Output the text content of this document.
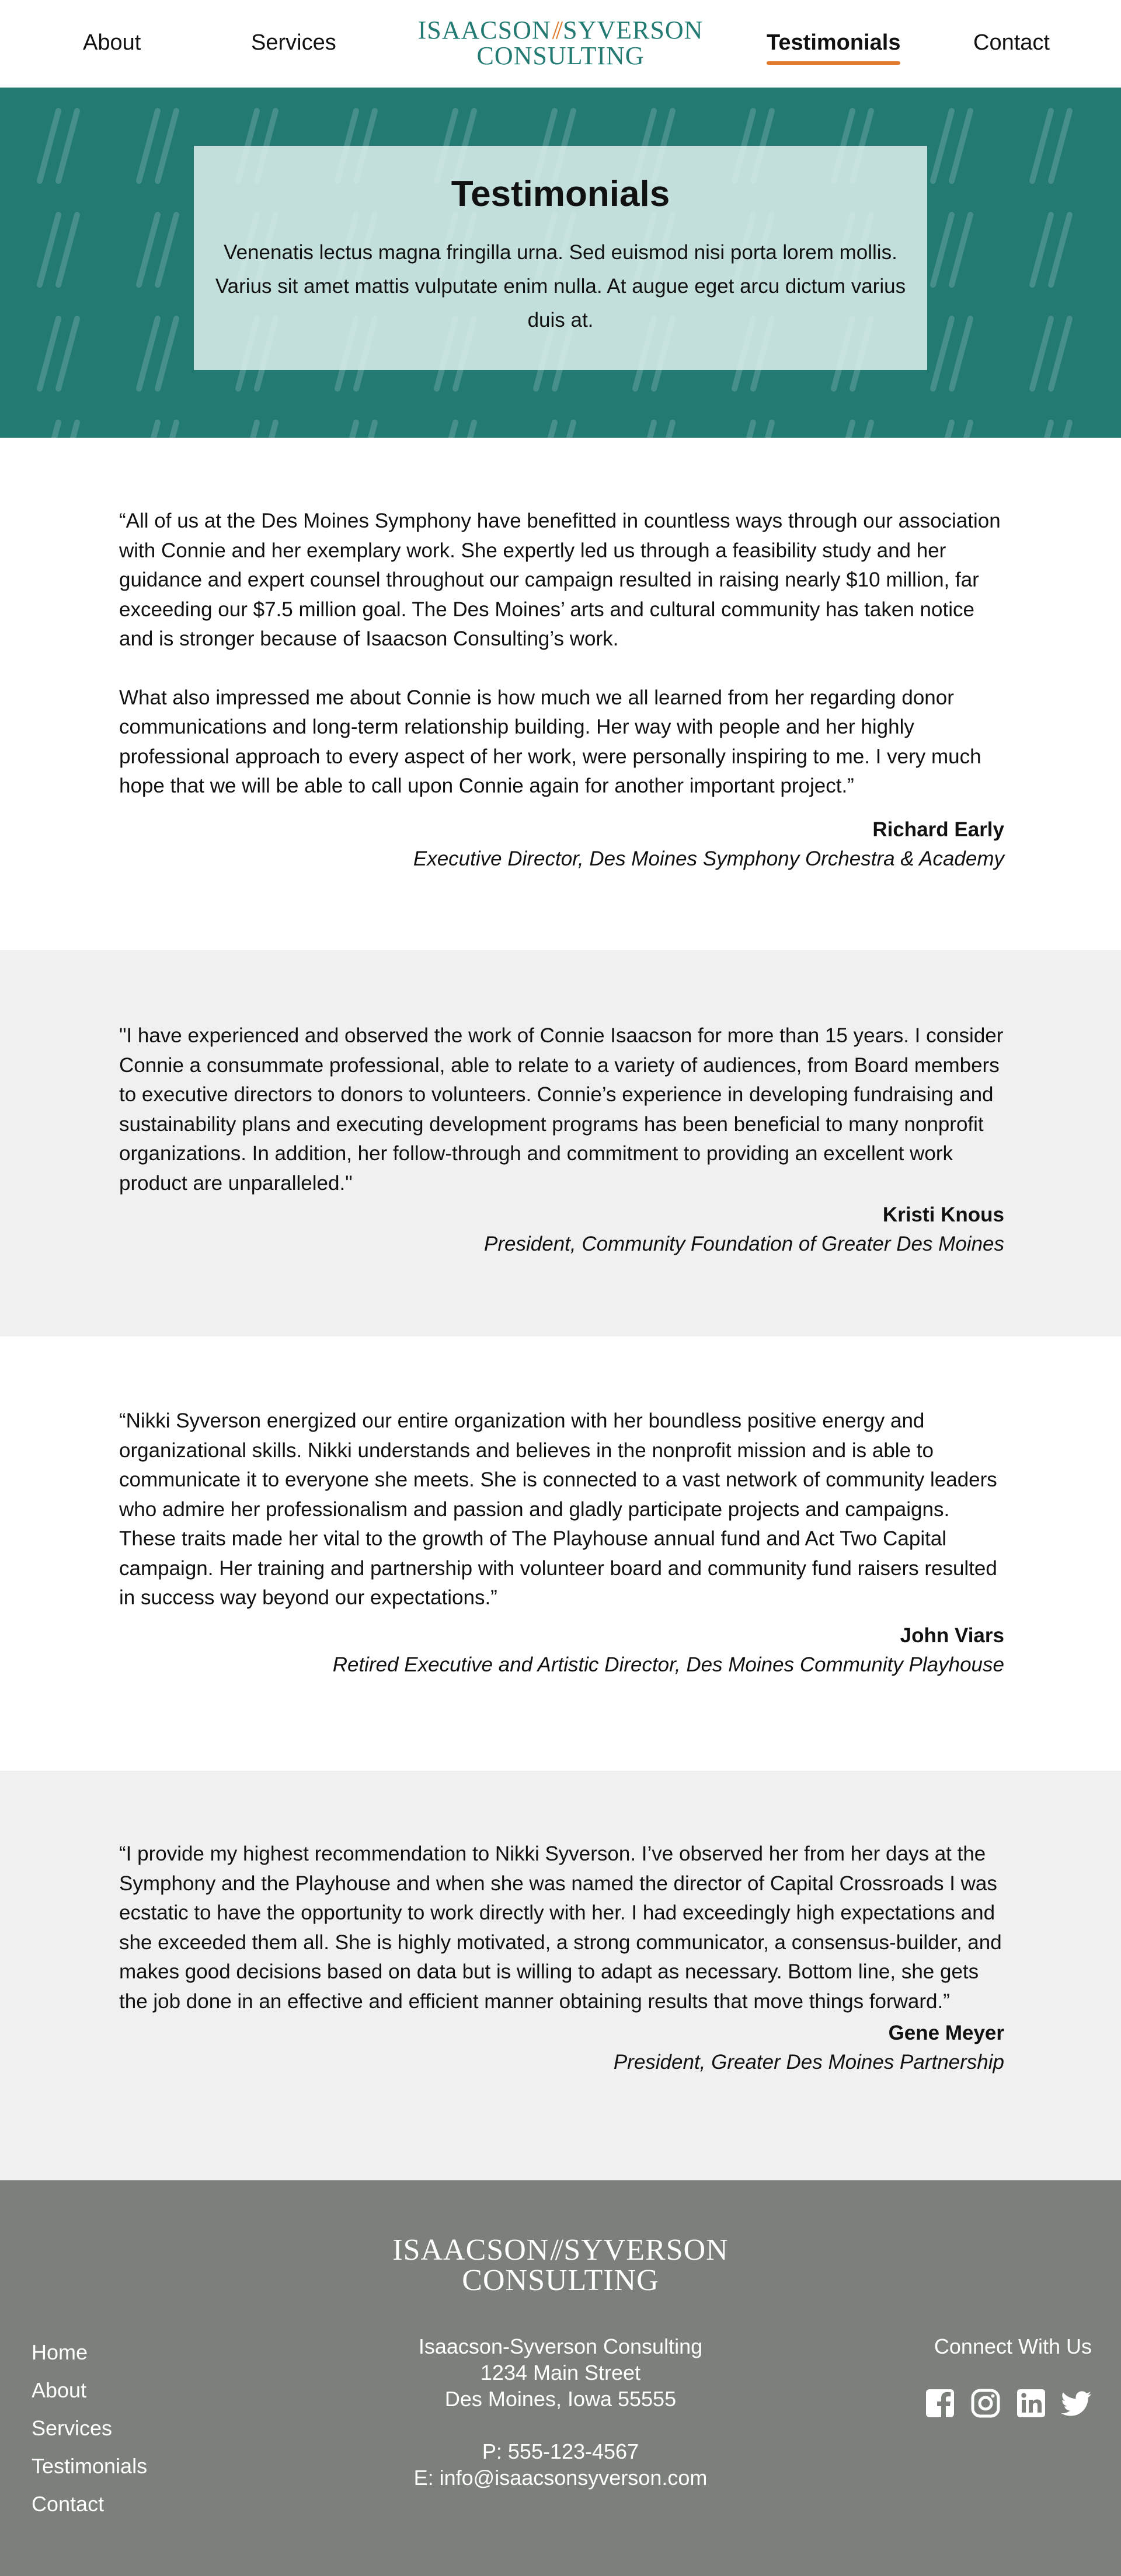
About	Services	ISAACSON// SYVERSON
CONSULTING	Testimonials	Contact
Testimonials

Venenatis lectus magna fringilla urna. Sed euismod nisi porta lorem mollis. Varius sit amet mattis vulputate enim nulla. At augue eget arcu dictum varius duis at.

“All of us at the Des Moines Symphony have benefitted in countless ways through our association with Connie and her exemplary work. She expertly led us through a feasibility study and her guidance and expert counsel throughout our campaign resulted in raising nearly $10 million, far exceeding our $7.5 million goal. The Des Moines’ arts and cultural community has taken notice and is stronger because of Isaacson Consulting’s work.

What also impressed me about Connie is how much we all learned from her regarding donor communications and long-term relationship building. Her way with people and her highly professional approach to every aspect of her work, were personally inspiring to me. I very much hope that we will be able to call upon Connie again for another important project.”

Richard Early
Executive Director, Des Moines Symphony Orchestra & Academy

"I have experienced and observed the work of Connie Isaacson for more than 15 years. I consider Connie a consummate professional, able to relate to a variety of audiences, from Board members to executive directors to donors to volunteers. Connie’s experience in developing fundraising and sustainability plans and executing development programs has been beneficial to many nonprofit organizations. In addition, her follow-through and commitment to providing an excellent work product are unparalleled."

Kristi Knous
President, Community Foundation of Greater Des Moines

“Nikki Syverson energized our entire organization with her boundless positive energy and organizational skills. Nikki understands and believes in the nonprofit mission and is able to communicate it to everyone she meets. She is connected to a vast network of community leaders who admire her professionalism and passion and gladly participate projects and campaigns. These traits made her vital to the growth of The Playhouse annual fund and Act Two Capital campaign. Her training and partnership with volunteer board and community fund raisers resulted in success way beyond our expectations.”

John Viars
Retired Executive and Artistic Director, Des Moines Community Playhouse

“I provide my highest recommendation to Nikki Syverson. I’ve observed her from her days at the Symphony and the Playhouse and when she was named the director of Capital Crossroads I was ecstatic to have the opportunity to work directly with her. I had exceedingly high expectations and she exceeded them all. She is highly motivated, a strong communicator, a consensus-builder, and makes good decisions based on data but is willing to adapt as necessary. Bottom line, she gets the job done in an effective and efficient manner obtaining results that move things forward.”

Gene Meyer
President, Greater Des Moines Partnership
ISAACSON// SYVERSON
CONSULTING
Home
About
Services
Testimonials
Contact
Isaacson-Syverson Consulting
1234 Main Street
Des Moines, Iowa 55555
P: 555-123-4567
E: info@isaacsonsyverson.com
Connect With Us
